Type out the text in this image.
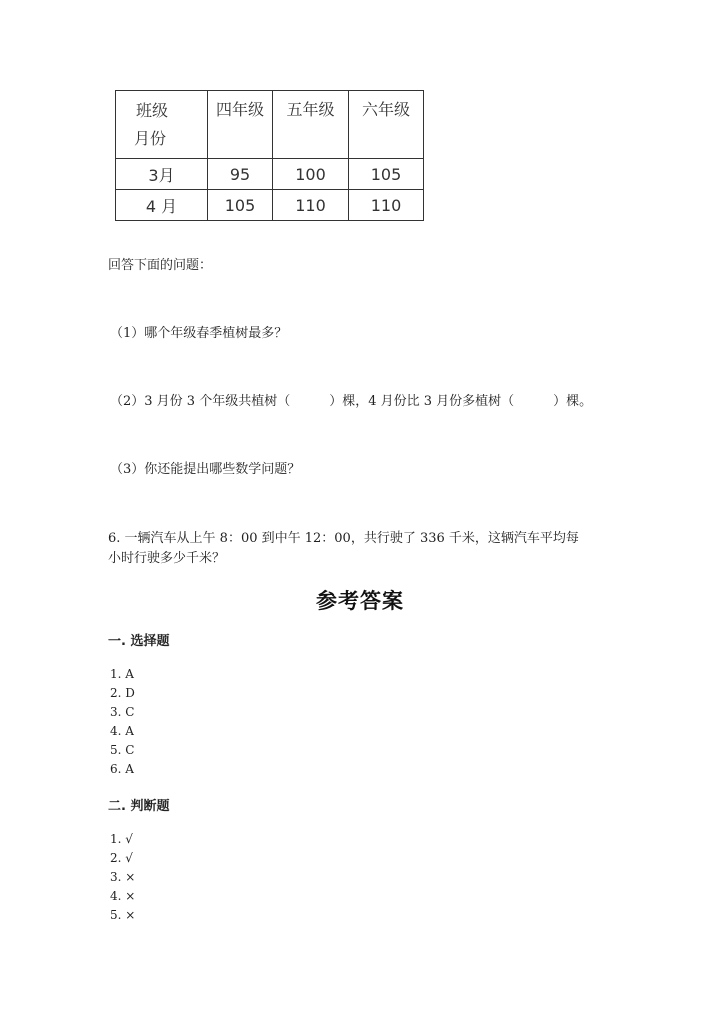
班级
月份	四年级	五年级	六年级
3月	95	100	105
4 月	105	110	110
回答下面的问题：
（1）哪个年级春季植树最多？
（2）3 月份 3 个年级共植树（　　　）棵，4 月份比 3 月份多植树（　　　）棵。
（3）你还能提出哪些数学问题？
6. 一辆汽车从上午 8：00 到中午 12：00，共行驶了 336 千米，这辆汽车平均每
小时行驶多少千米？
参考答案
一. 选择题
1. A
2. D
3. C
4. A
5. C
6. A
二. 判断题
1. √
2. √
3. ×
4. ×
5. ×
